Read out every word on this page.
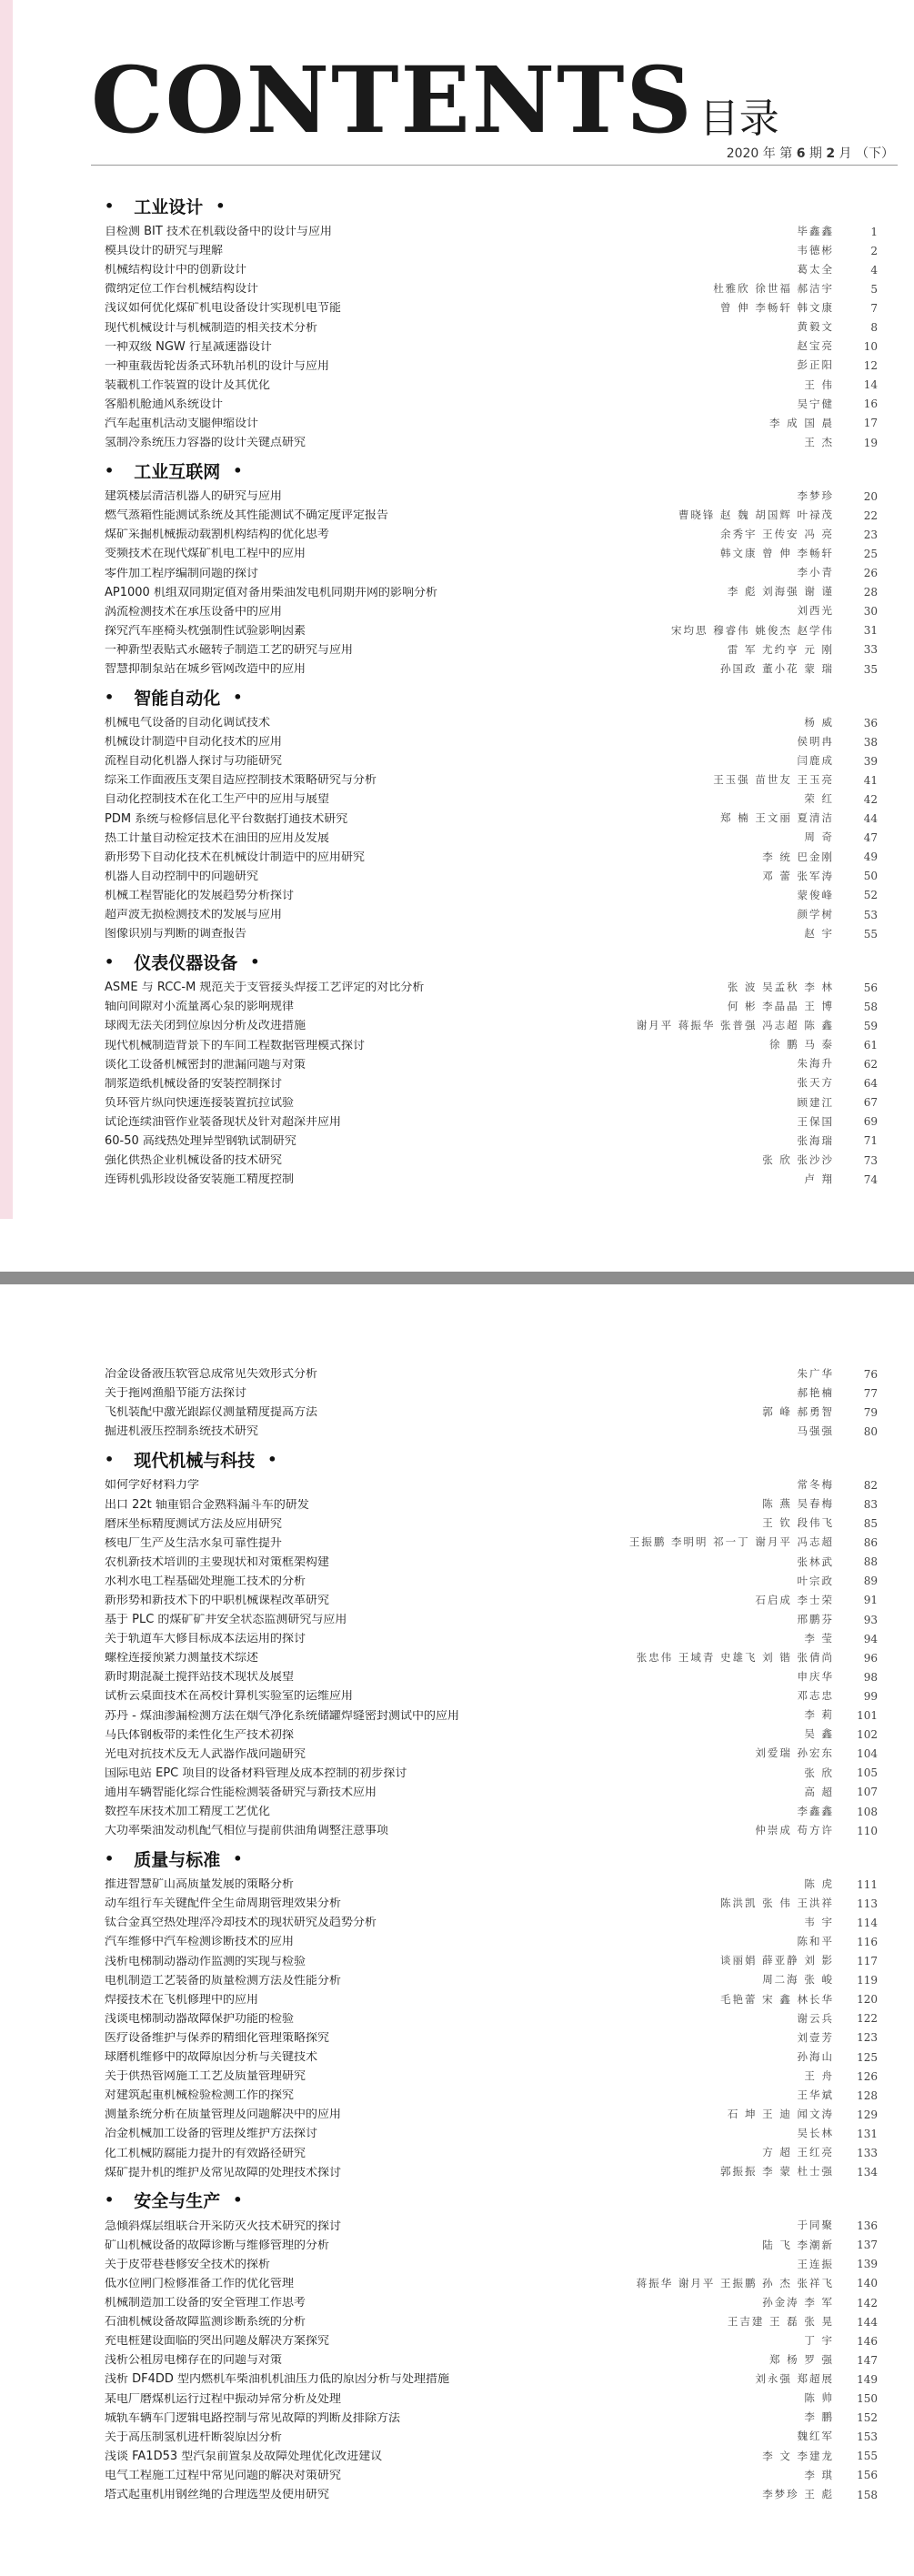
CONTENTS 目录
2020 年 第 6 期 2 月 （下）
• 工业设计 •
自检测 BIT 技术在机载设备中的设计与应用	毕鑫鑫	1
模具设计的研究与理解	韦德彬	2
机械结构设计中的创新设计	葛太全	4
微纳定位工作台机械结构设计	杜雅欣 徐世福 郝洁宇	5
浅议如何优化煤矿机电设备设计实现机电节能	曾 伸 李畅轩 韩文康	7
现代机械设计与机械制造的相关技术分析	黄毅文	8
一种双级 NGW 行星减速器设计	赵宝亮	10
一种重载齿轮齿条式环轨吊机的设计与应用	彭正阳	12
装載机工作装置的设计及其优化	王 伟	14
客船机舱通风系统设计	吴宁健	16
汽车起重机活动支腿伸缩设计	李 成 国 晨	17
氢制冷系统压力容器的设计关键点研究	王 杰	19
• 工业互联网 •
建筑楼层清洁机器人的研究与应用	李梦珍	20
燃气蒸箱性能测试系统及其性能测试不确定度评定报告	曹晓锋 赵 魏 胡国辉 叶禄茂	22
煤矿采掘机械振动载割机构结构的优化思考	余秀宇 王传安 冯 亮	23
变频技术在现代煤矿机电工程中的应用	韩文康 曾 伸 李畅轩	25
零件加工程序编制问题的探讨	李小青	26
AP1000 机组双同期定值对备用柴油发电机同期并网的影响分析	李 彪 刘海强 谢 谨	28
涡流检测技术在承压设备中的应用	刘西光	30
探究汽车座椅头枕强制性试验影响因素	宋均思 穆睿伟 姚俊杰 赵学伟	31
一种新型表贴式永磁转子制造工艺的研究与应用	雷 军 尤约亨 元 刚	33
智慧抑制泵站在城乡管网改造中的应用	孙国政 董小花 蒙 瑞	35
• 智能自动化 •
机械电气设备的自动化调试技术	杨 威	36
机械设计制造中自动化技术的应用	侯明冉	38
流程自动化机器人探讨与功能研究	闫鹿成	39
综采工作面液压支架自适应控制技术策略研究与分析	王玉强 苗世友 王玉亮	41
自动化控制技术在化工生产中的应用与展望	荣 红	42
PDM 系统与检修信息化平台数据打通技术研究	郑 楠 王文丽 夏清洁	44
热工计量自动检定技术在油田的应用及发展	周 奇	47
新形势下自动化技术在机械设计制造中的应用研究	李 统 巴金刚	49
机器人自动控制中的问题研究	邓 蕾 张军涛	50
机械工程智能化的发展趋势分析探讨	蒙俊峰	52
超声波无损检测技术的发展与应用	颜学树	53
图像识别与判断的调查报告	赵 宇	55
• 仪表仪器设备 •
ASME 与 RCC-M 规范关于支管接头焊接工艺评定的对比分析	张 波 吴孟秋 李 林	56
轴向间隙对小流量离心泵的影响规律	何 彬 李晶晶 王 博	58
球阀无法关闭到位原因分析及改进措施	谢月平 蒋振华 张普强 冯志超 陈 鑫	59
现代机械制造背景下的车间工程数据管理模式探讨	徐 鹏 马 泰	61
谈化工设备机械密封的泄漏问题与对策	朱海升	62
制浆造纸机械设备的安装控制探讨	张天方	64
负环管片纵向快速连接装置抗拉试验	顾建江	67
试论连续油管作业装备现状及针对超深井应用	王保国	69
60-50 高线热处理异型钢轨试制研究	张海瑞	71
强化供热企业机械设备的技术研究	张 欣 张沙沙	73
连铸机弧形段设备安装施工精度控制	卢 翔	74
冶金设备液压软管总成常见失效形式分析	朱广华	76
关于拖网渔船节能方法探讨	郝艳楠	77
飞机装配中激光跟踪仪测量精度提高方法	郭 峰 郝勇智	79
掘进机液压控制系统技术研究	马强强	80
• 现代机械与科技 •
如何学好材料力学	常冬梅	82
出口 22t 轴重铝合金熟料漏斗车的研发	陈 燕 吴春梅	83
磨床坐标精度测试方法及应用研究	王 钦 段伟飞	85
核电厂生产及生活水泵可靠性提升	王振鹏 李明明 祁一丁 谢月平 冯志超	86
农机新技术培训的主要现状和对策框架构建	张林武	88
水利水电工程基础处理施工技术的分析	叶宗政	89
新形势和新技术下的中职机械课程改革研究	石启成 李士荣	91
基于 PLC 的煤矿矿井安全状态监测研究与应用	邢鹏芬	93
关于轨道车大修目标成本法运用的探讨	李 莹	94
螺栓连接预紧力测量技术综述	张忠伟 王域青 史雄飞 刘 锴 张倩尚	96
新时期混凝土搅拌站技术现状及展望	申庆华	98
试析云桌面技术在高校计算机实验室的运维应用	邓志忠	99
苏丹 - 煤油渗漏检测方法在烟气净化系统储罐焊缝密封测试中的应用	李 莉	101
马氏体钢板带的柔性化生产技术初探	吴 鑫	102
光电对抗技术反无人武器作战问题研究	刘爱瑞 孙宏东	104
国际电站 EPC 项目的设备材料管理及成本控制的初步探讨	张 欣	105
通用车辆智能化综合性能检测装备研究与新技术应用	高 超	107
数控车床技术加工精度工艺优化	李鑫鑫	108
大功率柴油发动机配气相位与提前供油角调整注意事项	仲崇成 苟方许	110
• 质量与标准 •
推进智慧矿山高质量发展的策略分析	陈 虎	111
动车组行车关键配件全生命周期管理效果分析	陈洪凯 张 伟 王洪祥	113
钛合金真空热处理淬冷却技术的现状研究及趋势分析	韦 宇	114
汽车维修中汽车检测诊断技术的应用	陈和平	116
浅析电梯制动器动作监测的实现与检验	谈丽娟 薛亚静 刘 影	117
电机制造工艺装备的质量检测方法及性能分析	周二海 张 峻	119
焊接技术在飞机修理中的应用	毛艳蕾 宋 鑫 林长华	120
浅谈电梯制动器故障保护功能的检验	谢云兵	122
医疗设备维护与保养的精细化管理策略探究	刘壹芳	123
球磨机维修中的故障原因分析与关键技术	孙海山	125
关于供热管网施工工艺及质量管理研究	王 舟	126
对建筑起重机械检验检测工作的探究	王华斌	128
测量系统分析在质量管理及问题解决中的应用	石 坤 王 迪 闻文涛	129
冶金机械加工设备的管理及维护方法探讨	吴长林	131
化工机械防腐能力提升的有效路径研究	方 超 王红亮	133
煤矿提升机的维护及常见故障的处理技术探讨	郭振振 李 蒙 杜士强	134
• 安全与生产 •
急倾斜煤层组联合开采防灭火技术研究的探讨	于同聚	136
矿山机械设备的故障诊断与维修管理的分析	陆 飞 李潮新	137
关于皮带巷巷修安全技术的探析	王连振	139
低水位闸门检修准备工作的优化管理	蒋振华 谢月平 王振鹏 孙 杰 张祥飞	140
机械制造加工设备的安全管理工作思考	孙金涛 李 军	142
石油机械设备故障监测诊断系统的分析	王吉建 王 磊 张 晃	144
充电桩建设面临的突出问题及解决方案探究	丁 宇	146
浅析公租房电梯存在的问题与对策	郑 杨 罗 强	147
浅析 DF4DD 型内燃机车柴油机机油压力低的原因分析与处理措施	刘永强 郑超展	149
某电厂磨煤机运行过程中振动异常分析及处理	陈 帅	150
城轨车辆车门逻辑电路控制与常见故障的判断及排除方法	李 鹏	152
关于高压制氢机进杆断裂原因分析	魏红军	153
浅谈 FA1D53 型汽泵前置泵及故障处理优化改进建议	李 文 李建龙	155
电气工程施工过程中常见问题的解决对策研究	李 琪	156
塔式起重机用钢丝绳的合理选型及使用研究	李梦珍 王 彪	158
